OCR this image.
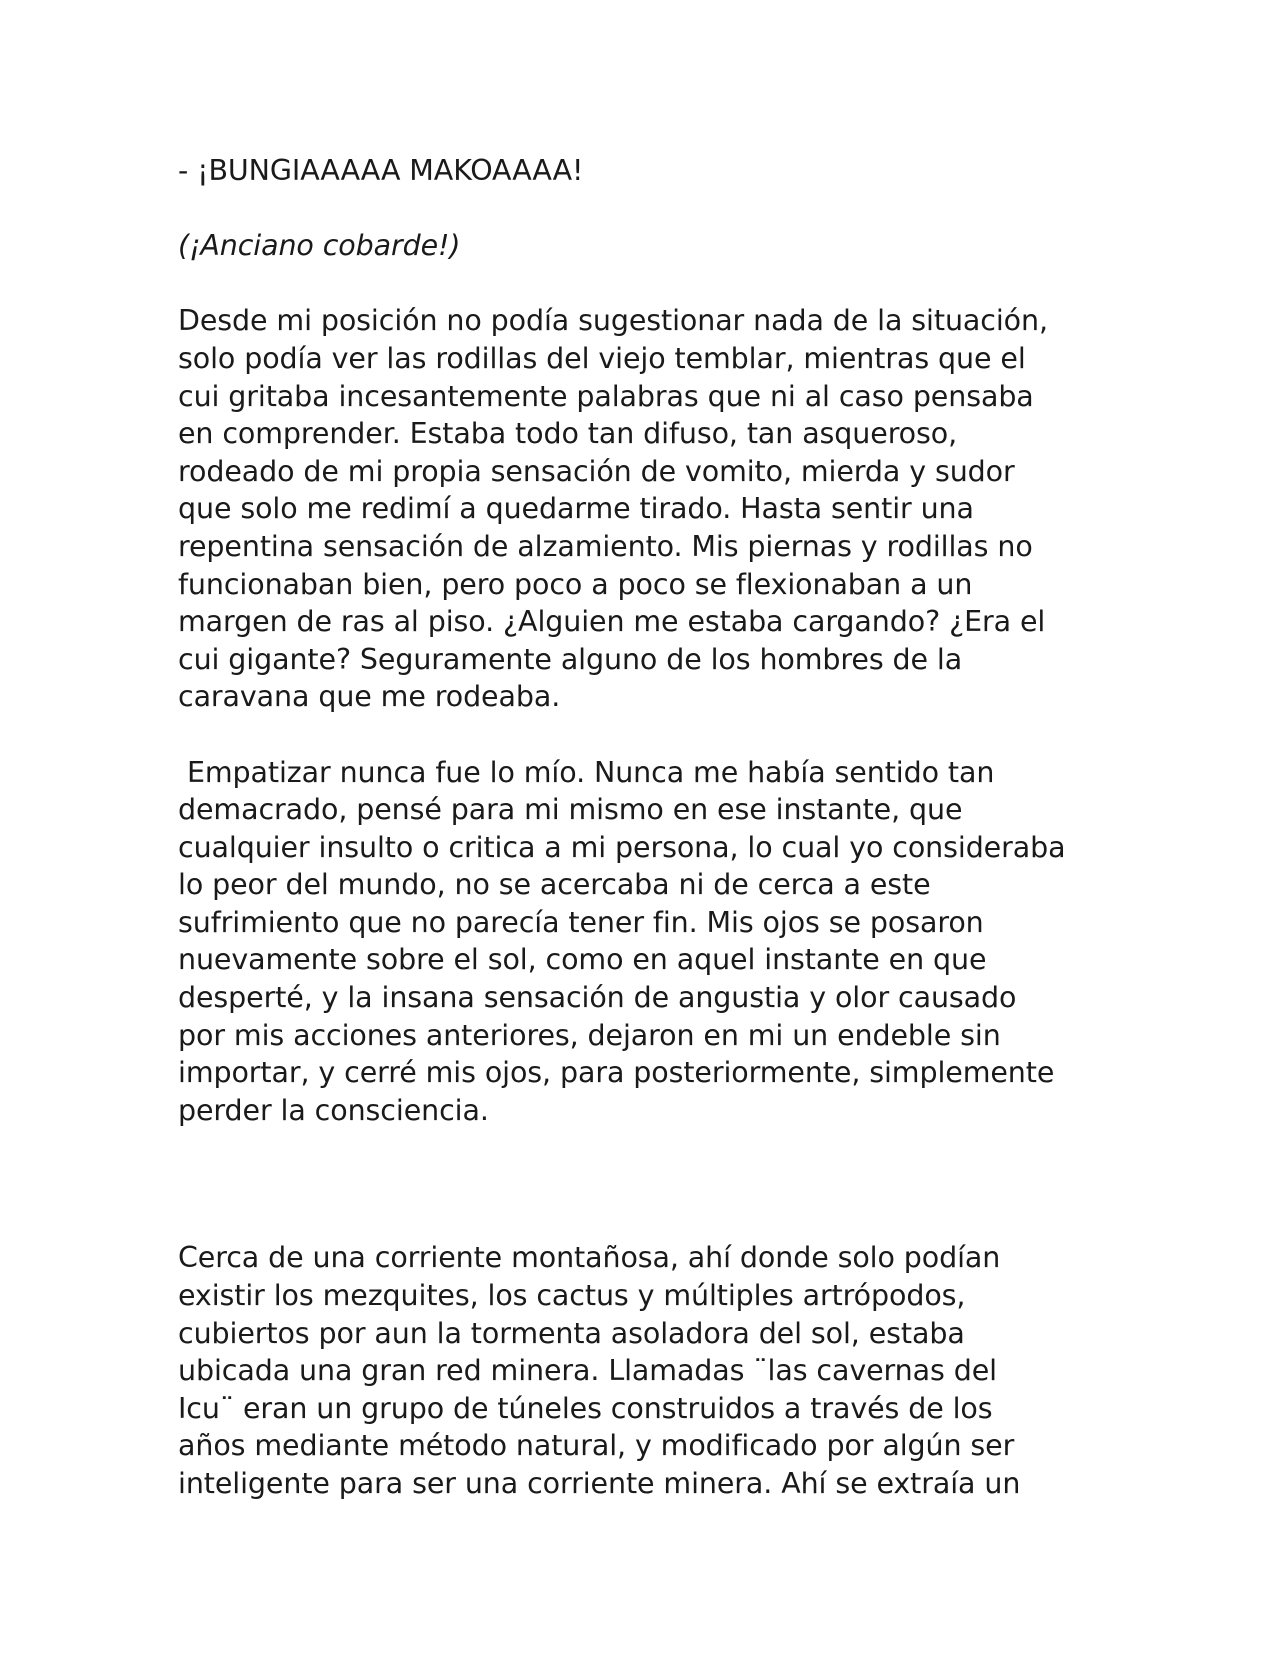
- ¡BUNGIAAAAA MAKOAAAA!

(¡Anciano cobarde!)

Desde mi posición no podía sugestionar nada de la situación,

solo podía ver las rodillas del viejo temblar, mientras que el

cui gritaba incesantemente palabras que ni al caso pensaba

en comprender. Estaba todo tan difuso, tan asqueroso,

rodeado de mi propia sensación de vomito, mierda y sudor

que solo me redimí a quedarme tirado. Hasta sentir una

repentina sensación de alzamiento. Mis piernas y rodillas no

funcionaban bien, pero poco a poco se flexionaban a un

margen de ras al piso. ¿Alguien me estaba cargando? ¿Era el

cui gigante? Seguramente alguno de los hombres de la

caravana que me rodeaba.

Empatizar nunca fue lo mío. Nunca me había sentido tan

demacrado, pensé para mi mismo en ese instante, que

cualquier insulto o critica a mi persona, lo cual yo consideraba

lo peor del mundo, no se acercaba ni de cerca a este

sufrimiento que no parecía tener fin. Mis ojos se posaron

nuevamente sobre el sol, como en aquel instante en que

desperté, y la insana sensación de angustia y olor causado

por mis acciones anteriores, dejaron en mi un endeble sin

importar, y cerré mis ojos, para posteriormente, simplemente

perder la consciencia.

Cerca de una corriente montañosa, ahí donde solo podían

existir los mezquites, los cactus y múltiples artrópodos,

cubiertos por aun la tormenta asoladora del sol, estaba

ubicada una gran red minera. Llamadas ¨las cavernas del

Icu¨ eran un grupo de túneles construidos a través de los

años mediante método natural, y modificado por algún ser

inteligente para ser una corriente minera. Ahí se extraía un
